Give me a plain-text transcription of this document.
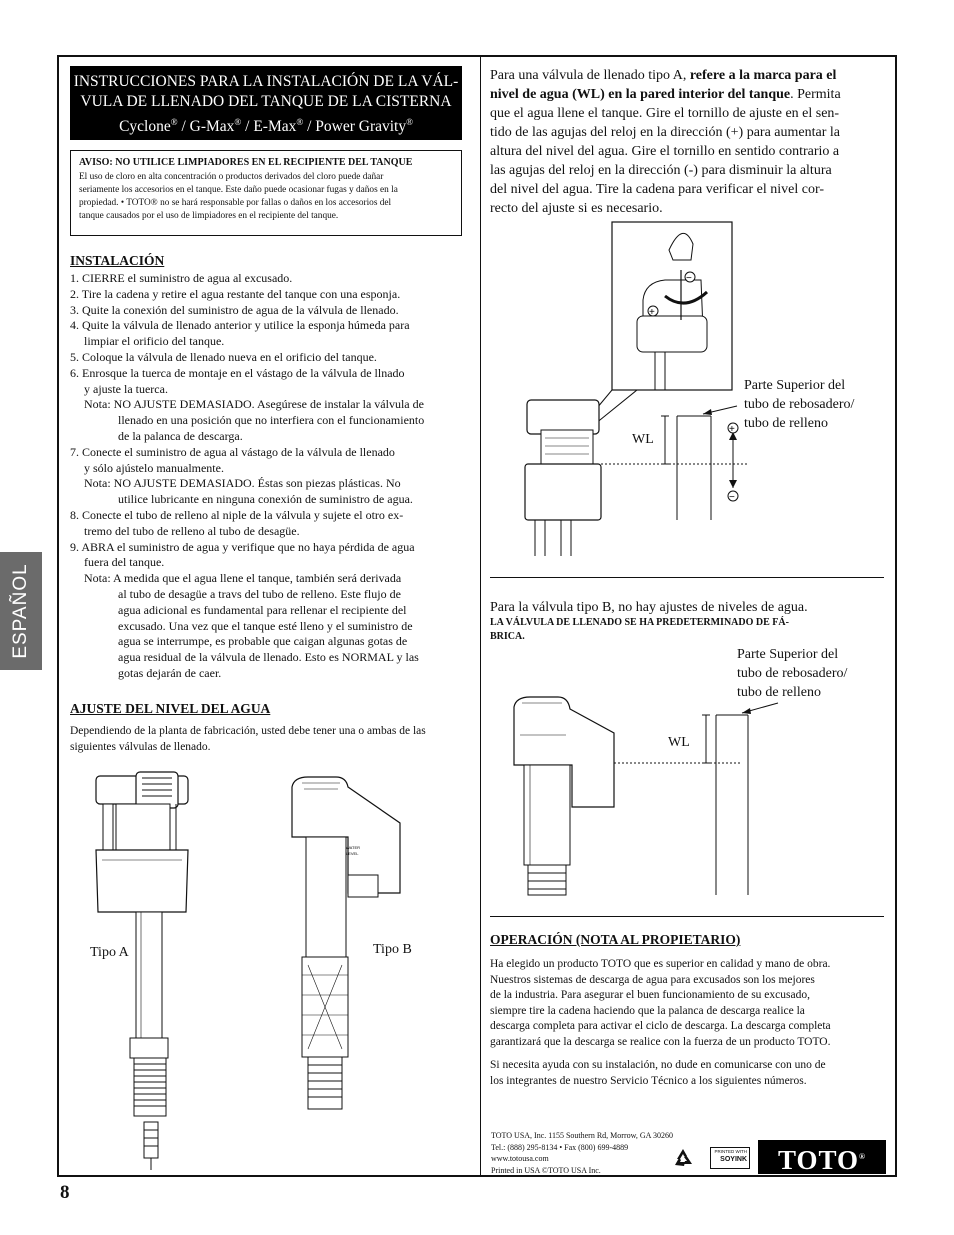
ESPAÑOL
8
INSTRUCCIONES PARA LA INSTALACIÓN DE LA VÁL-
VULA DE LLENADO DEL TANQUE DE LA CISTERNA
Cyclone® / G-Max® / E-Max® / Power Gravity®
AVISO: NO UTILICE LIMPIADORES EN EL RECIPIENTE DEL TANQUE
El uso de cloro en alta concentración o productos derivados del cloro puede dañar
seriamente los accesorios en el tanque. Este daño puede ocasionar fugas y daños en la
propiedad. • TOTO® no se hará responsable por fallas o daños en los accesorios del
tanque causados por el uso de limpiadores en el recipiente del tanque.
INSTALACIÓN
1. CIERRE el suministro de agua al excusado.
2. Tire la cadena y retire el agua restante del tanque con una esponja.
3. Quite la conexión del suministro de agua de la válvula de llenado.
4. Quite la válvula de llenado anterior y utilice la esponja húmeda para
limpiar el orificio del tanque.
5. Coloque la válvula de llenado nueva en el orificio del tanque.
6. Enrosque la tuerca de montaje en el vástago de la válvula de llnado
y ajuste la tuerca.
Nota: NO AJUSTE DEMASIADO. Asegúrese de instalar la válvula de
llenado en una posición que no interfiera con el funcionamiento
de la palanca de descarga.
7. Conecte el suministro de agua al vástago de la válvula de llenado
y sólo ajústelo manualmente.
Nota: NO AJUSTE DEMASIADO. Éstas son piezas plásticas. No
utilice lubricante en ninguna conexión de suministro de agua.
8. Conecte el tubo de relleno al niple de la válvula y sujete el otro ex-
tremo del tubo de relleno al tubo de desagüe.
9. ABRA el suministro de agua y verifique que no haya pérdida de agua
fuera del tanque.
Nota: A medida que el agua llene el tanque, también será derivada
al tubo de desagüe a travs del tubo de relleno. Este flujo de
agua adicional es fundamental para rellenar el recipiente del
excusado. Una vez que el tanque esté lleno y el suministro de
agua se interrumpe, es probable que caigan algunas gotas de
agua residual de la válvula de llenado. Esto es NORMAL y las
gotas dejarán de caer.
AJUSTE DEL NIVEL DEL AGUA
Dependiendo de la planta de fabricación, usted debe tener una o ambas de las
siguientes válvulas de llenado.
Tipo A
WATER
LEVEL
Tipo B
Para una válvula de llenado tipo A, refere a la marca para el
nivel de agua (WL) en la pared interior del tanque. Permita
que el agua llene el tanque. Gire el tornillo de ajuste en el sen-
tido de las agujas del reloj en la dirección (+) para aumentar la
altura del nivel del agua. Gire el tornillo en sentido contrario a
las agujas del reloj en la dirección (-) para disminuir la altura
del nivel del agua. Tire la cadena para verificar el nivel cor-
recto del ajuste si es necesario.
−
+
+
−
Parte Superior del
tubo de rebosadero/
tubo de relleno
WL
Para la válvula tipo B, no hay ajustes de niveles de agua.
LA VÁLVULA DE LLENADO SE HA PREDETERMINADO DE FÁ-
BRICA.
Parte Superior del
tubo de rebosadero/
tubo de relleno
WL
OPERACIÓN (NOTA AL PROPIETARIO)
Ha elegido un producto TOTO que es superior en calidad y mano de obra.
Nuestros sistemas de descarga de agua para excusados son los mejores
de la industria. Para asegurar el buen funcionamiento de su excusado,
siempre tire la cadena haciendo que la palanca de descarga realice la
descarga completa para activar el ciclo de descarga. La descarga completa
garantizará que la descarga se realice con la fuerza de un producto TOTO.
Si necesita ayuda con su instalación, no dude en comunicarse con uno de
los integrantes de nuestro Servicio Técnico a los siguientes números.
TOTO USA, Inc. 1155 Southern Rd, Morrow, GA 30260
Tel.: (888) 295-8134 • Fax (800) 699-4889
www.totousa.com
Printed in USA ©TOTO USA Inc.
PRINTED WITH
SOYINK	TOTO®
